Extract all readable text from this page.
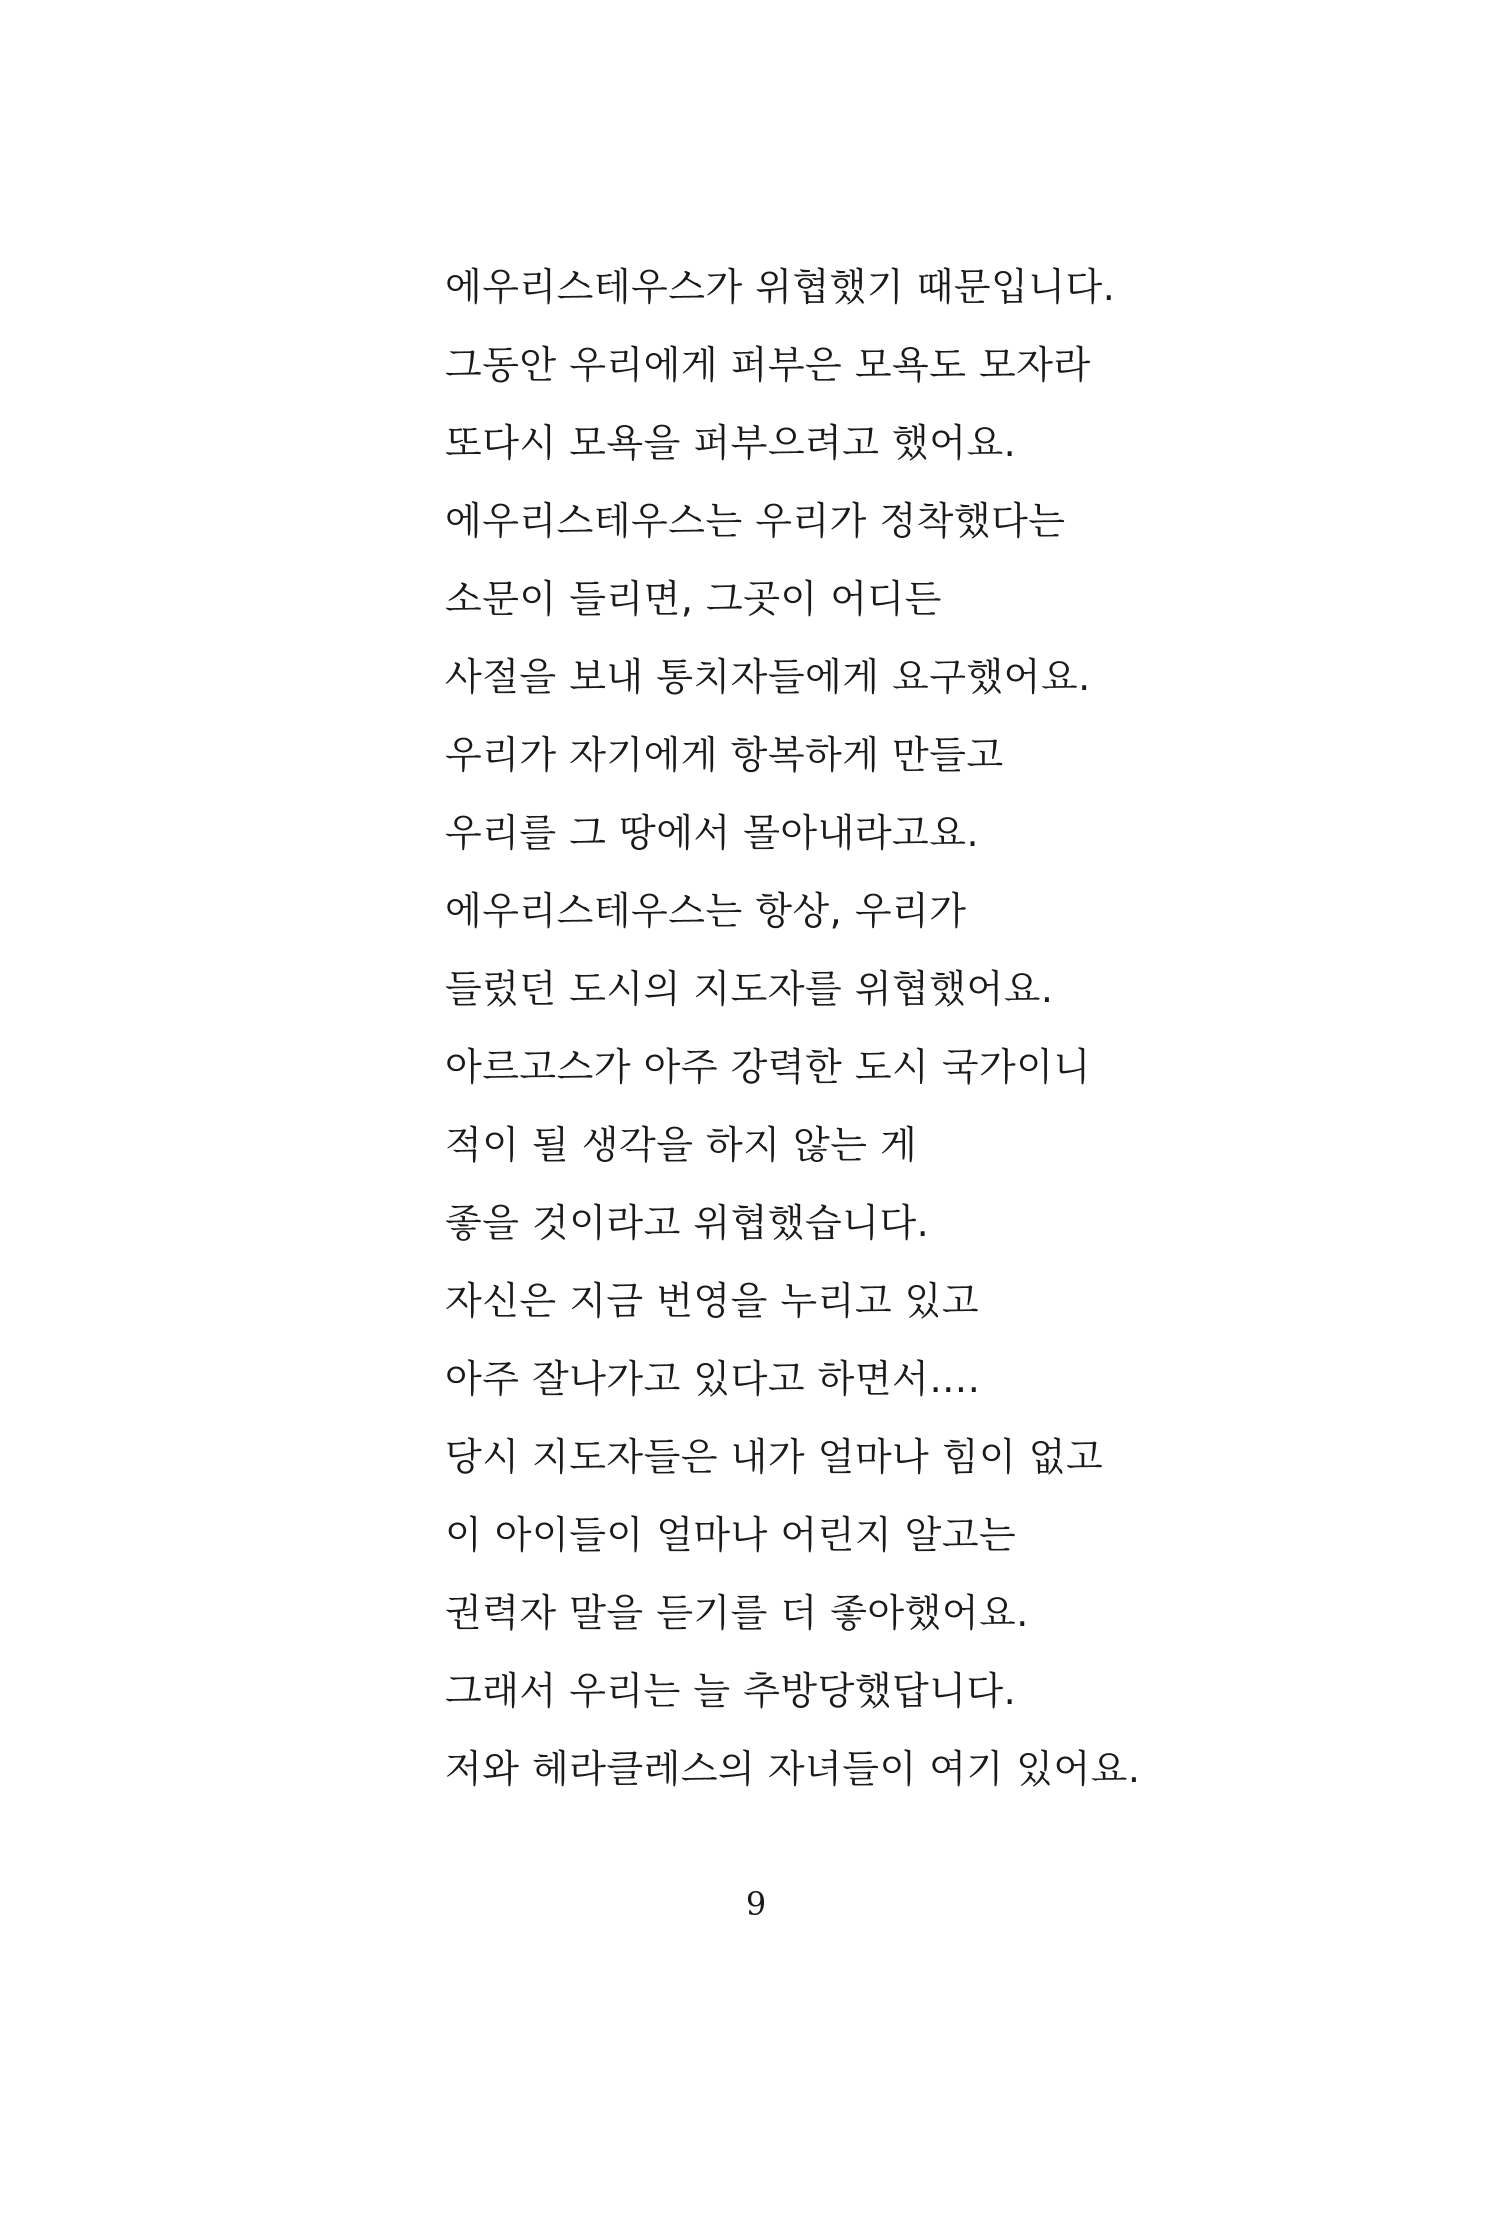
에우리스테우스가 위협했기 때문입니다.
그동안 우리에게 퍼부은 모욕도 모자라
또다시 모욕을 퍼부으려고 했어요.
에우리스테우스는 우리가 정착했다는
소문이 들리면, 그곳이 어디든
사절을 보내 통치자들에게 요구했어요.
우리가 자기에게 항복하게 만들고
우리를 그 땅에서 몰아내라고요.
에우리스테우스는 항상, 우리가
들렀던 도시의 지도자를 위협했어요.
아르고스가 아주 강력한 도시 국가이니
적이 될 생각을 하지 않는 게
좋을 것이라고 위협했습니다.
자신은 지금 번영을 누리고 있고
아주 잘나가고 있다고 하면서….
당시 지도자들은 내가 얼마나 힘이 없고
이 아이들이 얼마나 어린지 알고는
권력자 말을 듣기를 더 좋아했어요.
그래서 우리는 늘 추방당했답니다.
저와 헤라클레스의 자녀들이 여기 있어요.
9
